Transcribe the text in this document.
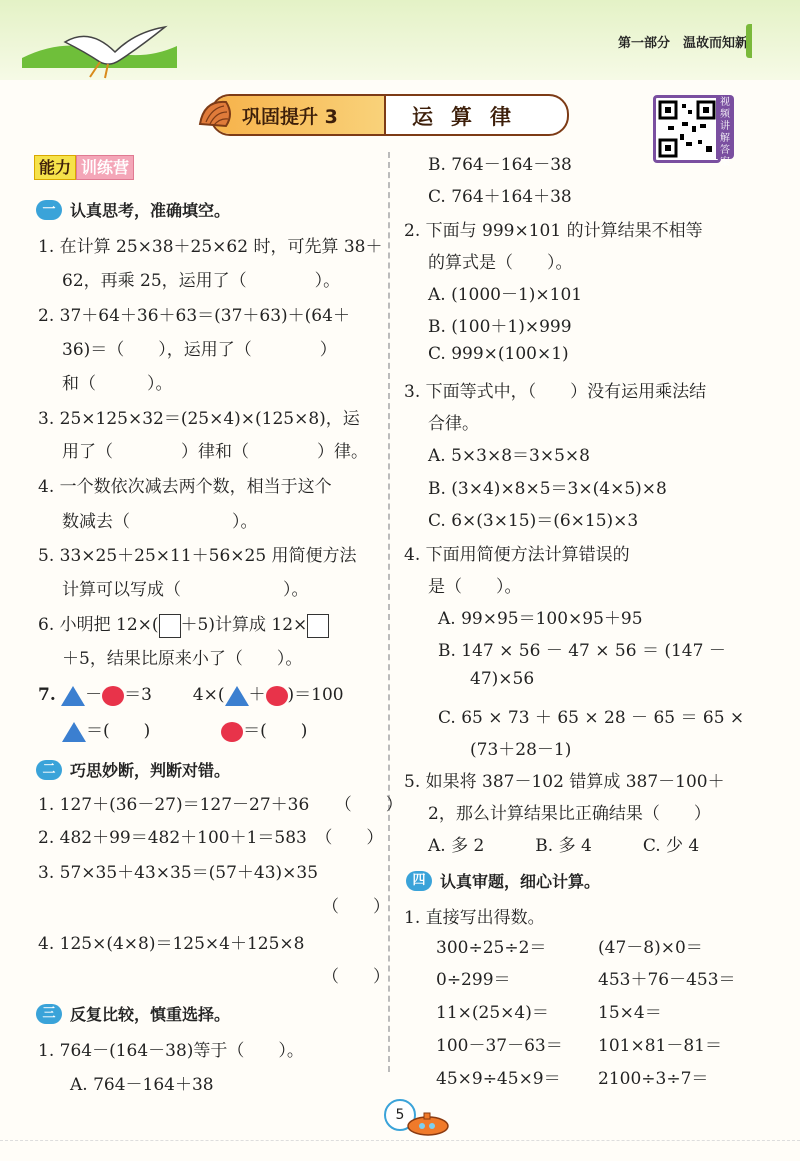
第一部分　温故而知新
巩固提升 3	运算律
视频讲解答案
能力 训练营
一 认真思考，准确填空。
1. 在计算 25×38＋25×62 时，可先算 38＋
62，再乘 25，运用了（　　　　）。
2. 37＋64＋36＋63＝(37＋63)＋(64＋
36)＝（　　），运用了（　　　　）
和（　　　）。
3. 25×125×32＝(25×4)×(125×8)，运
用了（　　　　）律和（　　　　）律。
4. 一个数依次减去两个数，相当于这个
数减去（　　　　　　）。
5. 33×25＋25×11＋56×25 用简便方法
计算可以写成（　　　　　　）。
6. 小明把 12×( ＋5)计算成 12×
＋5，结果比原来小了（　　）。
7. － ＝3 4×( ＋ )＝100
＝(　　)	＝(　　)
二 巧思妙断，判断对错。
1. 127＋(36－27)＝127－27＋36　　（　　）
2. 482＋99＝482＋100＋1＝583　（　　）
3. 57×35＋43×35＝(57＋43)×35
（　　）
4. 125×(4×8)＝125×4＋125×8
（　　）
三 反复比较，慎重选择。
1. 764－(164－38)等于（　　）。
A. 764－164＋38
B. 764－164－38
C. 764＋164＋38
2. 下面与 999×101 的计算结果不相等
的算式是（　　）。
A. (1000－1)×101
B. (100＋1)×999
C. 999×(100×1)
3. 下面等式中，（　　）没有运用乘法结
合律。
A. 5×3×8＝3×5×8
B. (3×4)×8×5＝3×(4×5)×8
C. 6×(3×15)＝(6×15)×3
4. 下面用简便方法计算错误的
是（　　）。
A. 99×95＝100×95＋95
B. 147 × 56 － 47 × 56 ＝ (147 －
47)×56
C. 65 × 73 ＋ 65 × 28 － 65 ＝ 65 ×
(73＋28－1)
5. 如果将 387－102 错算成 387－100＋
2，那么计算结果比正确结果（　　）
A. 多 2　　　B. 多 4　　　C. 少 4
四 认真审题，细心计算。
1. 直接写出得数。
300÷25÷2＝	(47－8)×0＝
0÷299＝	453＋76－453＝
11×(25×4)＝	15×4＝
100－37－63＝ 101×81－81＝
45×9÷45×9＝ 2100÷3÷7＝
5
